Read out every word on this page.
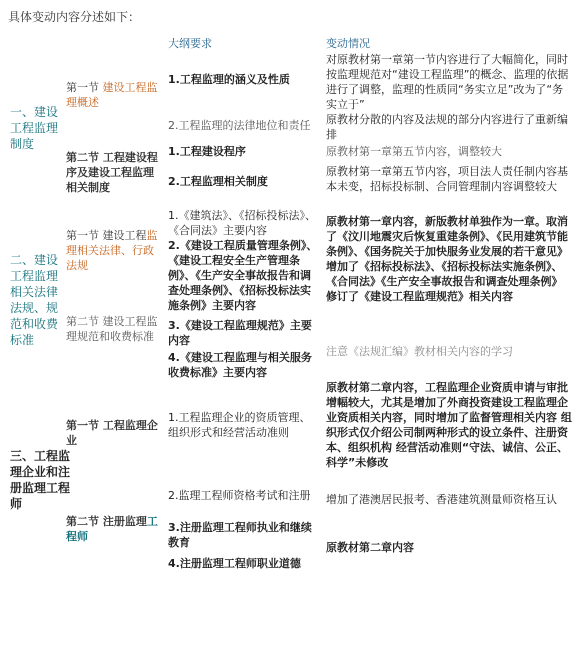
具体变动内容分述如下：
大纲要求	变动情况
一、建设工程监理制度
二、建设工程监理相关法律法规、规范和收费标准
三、工程监理企业和注册监理工程师
第一节 建设工程监理概述
第二节 工程建设程序及建设工程监理相关制度
第一节 建设工程监理相关法律、行政法规
第二节 建设工程监理规范和收费标准
第一节 工程监理企业
第二节 注册监理工程师
1.工程监理的涵义及性质
2.工程监理的法律地位和责任
1.工程建设程序
2.工程监理相关制度
1.《建筑法》、《招标投标法》、《合同法》主要内容
2.《建设工程质量管理条例》、《建设工程安全生产管理条例》、《生产安全事故报告和调查处理条例》、《招标投标法实施条例》主要内容
3.《建设工程监理规范》主要内容
4.《建设工程监理与相关服务收费标准》主要内容
1.工程监理企业的资质管理、组织形式和经营活动准则
2.监理工程师资格考试和注册
3.注册监理工程师执业和继续教育
4.注册监理工程师职业道德
对原教材第一章第一节内容进行了大幅简化，同时按监理规范对“建设工程监理”的概念、监理的依据进行了调整，监理的性质同“务实立足”改为了“务实立于”
原教材分散的内容及法规的部分内容进行了重新编排
原教材第一章第五节内容，调整较大
原教材第一章第五节内容，项目法人责任制内容基本未变，招标投标制、合同管理制内容调整较大
原教材第一章内容，新版教材单独作为一章。取消了《汶川地震灾后恢复重建条例》、《民用建筑节能条例》、《国务院关于加快服务业发展的若干意见》增加了《招标投标法》、《招标投标法实施条例》、《合同法》《生产安全事故报告和调查处理条例》修订了《建设工程监理规范》相关内容
注意《法规汇编》教材相关内容的学习
原教材第二章内容，工程监理企业资质申请与审批增幅较大，尤其是增加了外商投资建设工程监理企业资质相关内容，同时增加了监督管理相关内容 组织形式仅介绍公司制两种形式的设立条件、注册资本、组织机构 经营活动准则“守法、诚信、公正、科学”未修改
增加了港澳居民报考、香港建筑测量师资格互认
原教材第二章内容
